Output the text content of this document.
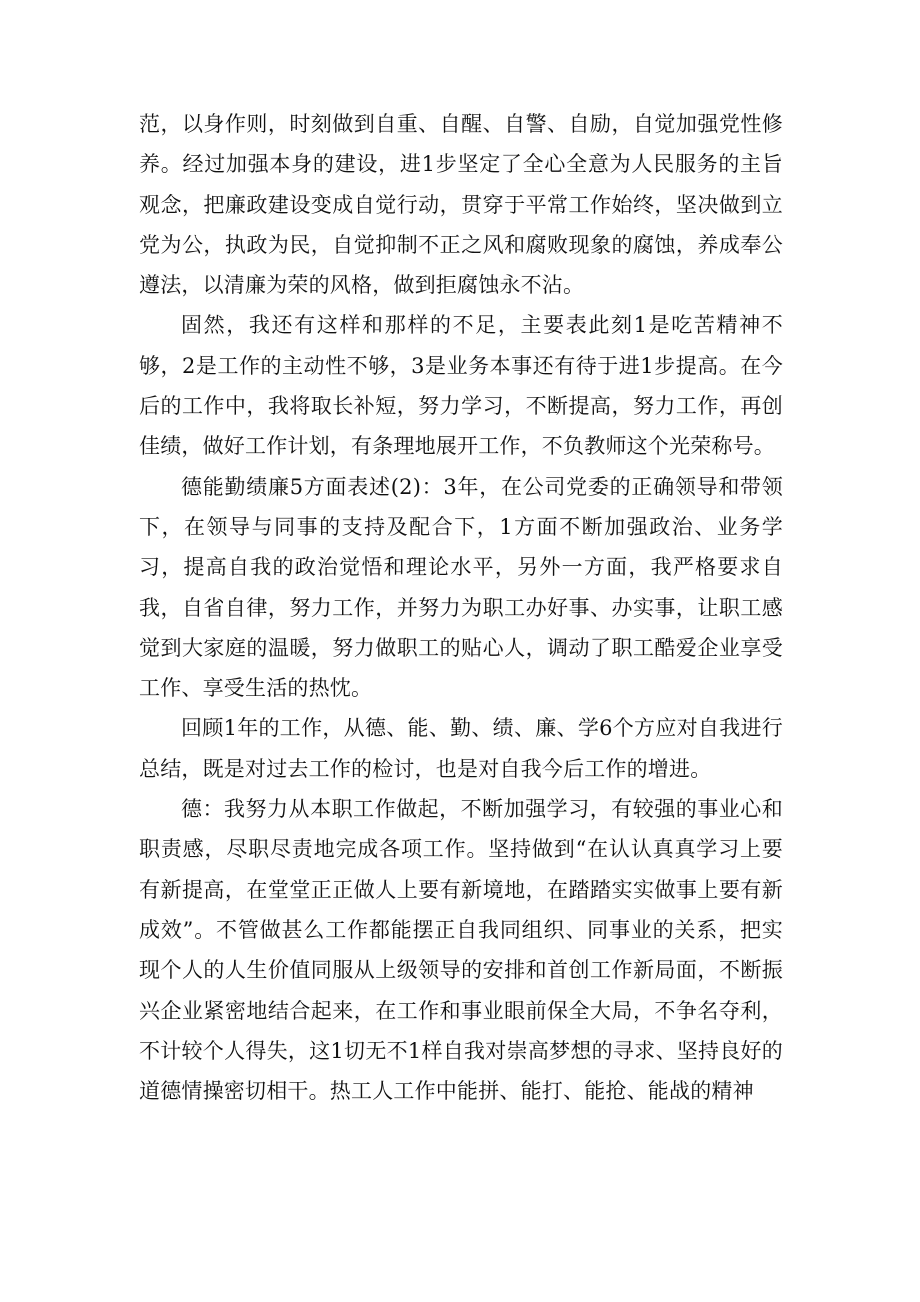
范，以身作则，时刻做到自重、自醒、自警、自励，自觉加强党性修养。经过加强本身的建设，进1步坚定了全心全意为人民服务的主旨观念，把廉政建设变成自觉行动，贯穿于平常工作始终，坚决做到立党为公，执政为民，自觉抑制不正之风和腐败现象的腐蚀，养成奉公遵法，以清廉为荣的风格，做到拒腐蚀永不沾。

固然，我还有这样和那样的不足，主要表此刻1是吃苦精神不够，2是工作的主动性不够，3是业务本事还有待于进1步提高。在今后的工作中，我将取长补短，努力学习，不断提高，努力工作，再创佳绩，做好工作计划，有条理地展开工作，不负教师这个光荣称号。

德能勤绩廉5方面表述(2)：3年，在公司党委的正确领导和带领下，在领导与同事的支持及配合下，1方面不断加强政治、业务学习，提高自我的政治觉悟和理论水平，另外一方面，我严格要求自我，自省自律，努力工作，并努力为职工办好事、办实事，让职工感觉到大家庭的温暖，努力做职工的贴心人，调动了职工酷爱企业享受工作、享受生活的热忱。

回顾1年的工作，从德、能、勤、绩、廉、学6个方应对自我进行总结，既是对过去工作的检讨，也是对自我今后工作的增进。

德：我努力从本职工作做起，不断加强学习，有较强的事业心和职责感，尽职尽责地完成各项工作。坚持做到“在认认真真学习上要有新提高，在堂堂正正做人上要有新境地，在踏踏实实做事上要有新成效”。不管做甚么工作都能摆正自我同组织、同事业的关系，把实现个人的人生价值同服从上级领导的安排和首创工作新局面，不断振兴企业紧密地结合起来，在工作和事业眼前保全大局，不争名夺利，不计较个人得失，这1切无不1样自我对崇高梦想的寻求、坚持良好的道德情操密切相干。热工人工作中能拼、能打、能抢、能战的精神
